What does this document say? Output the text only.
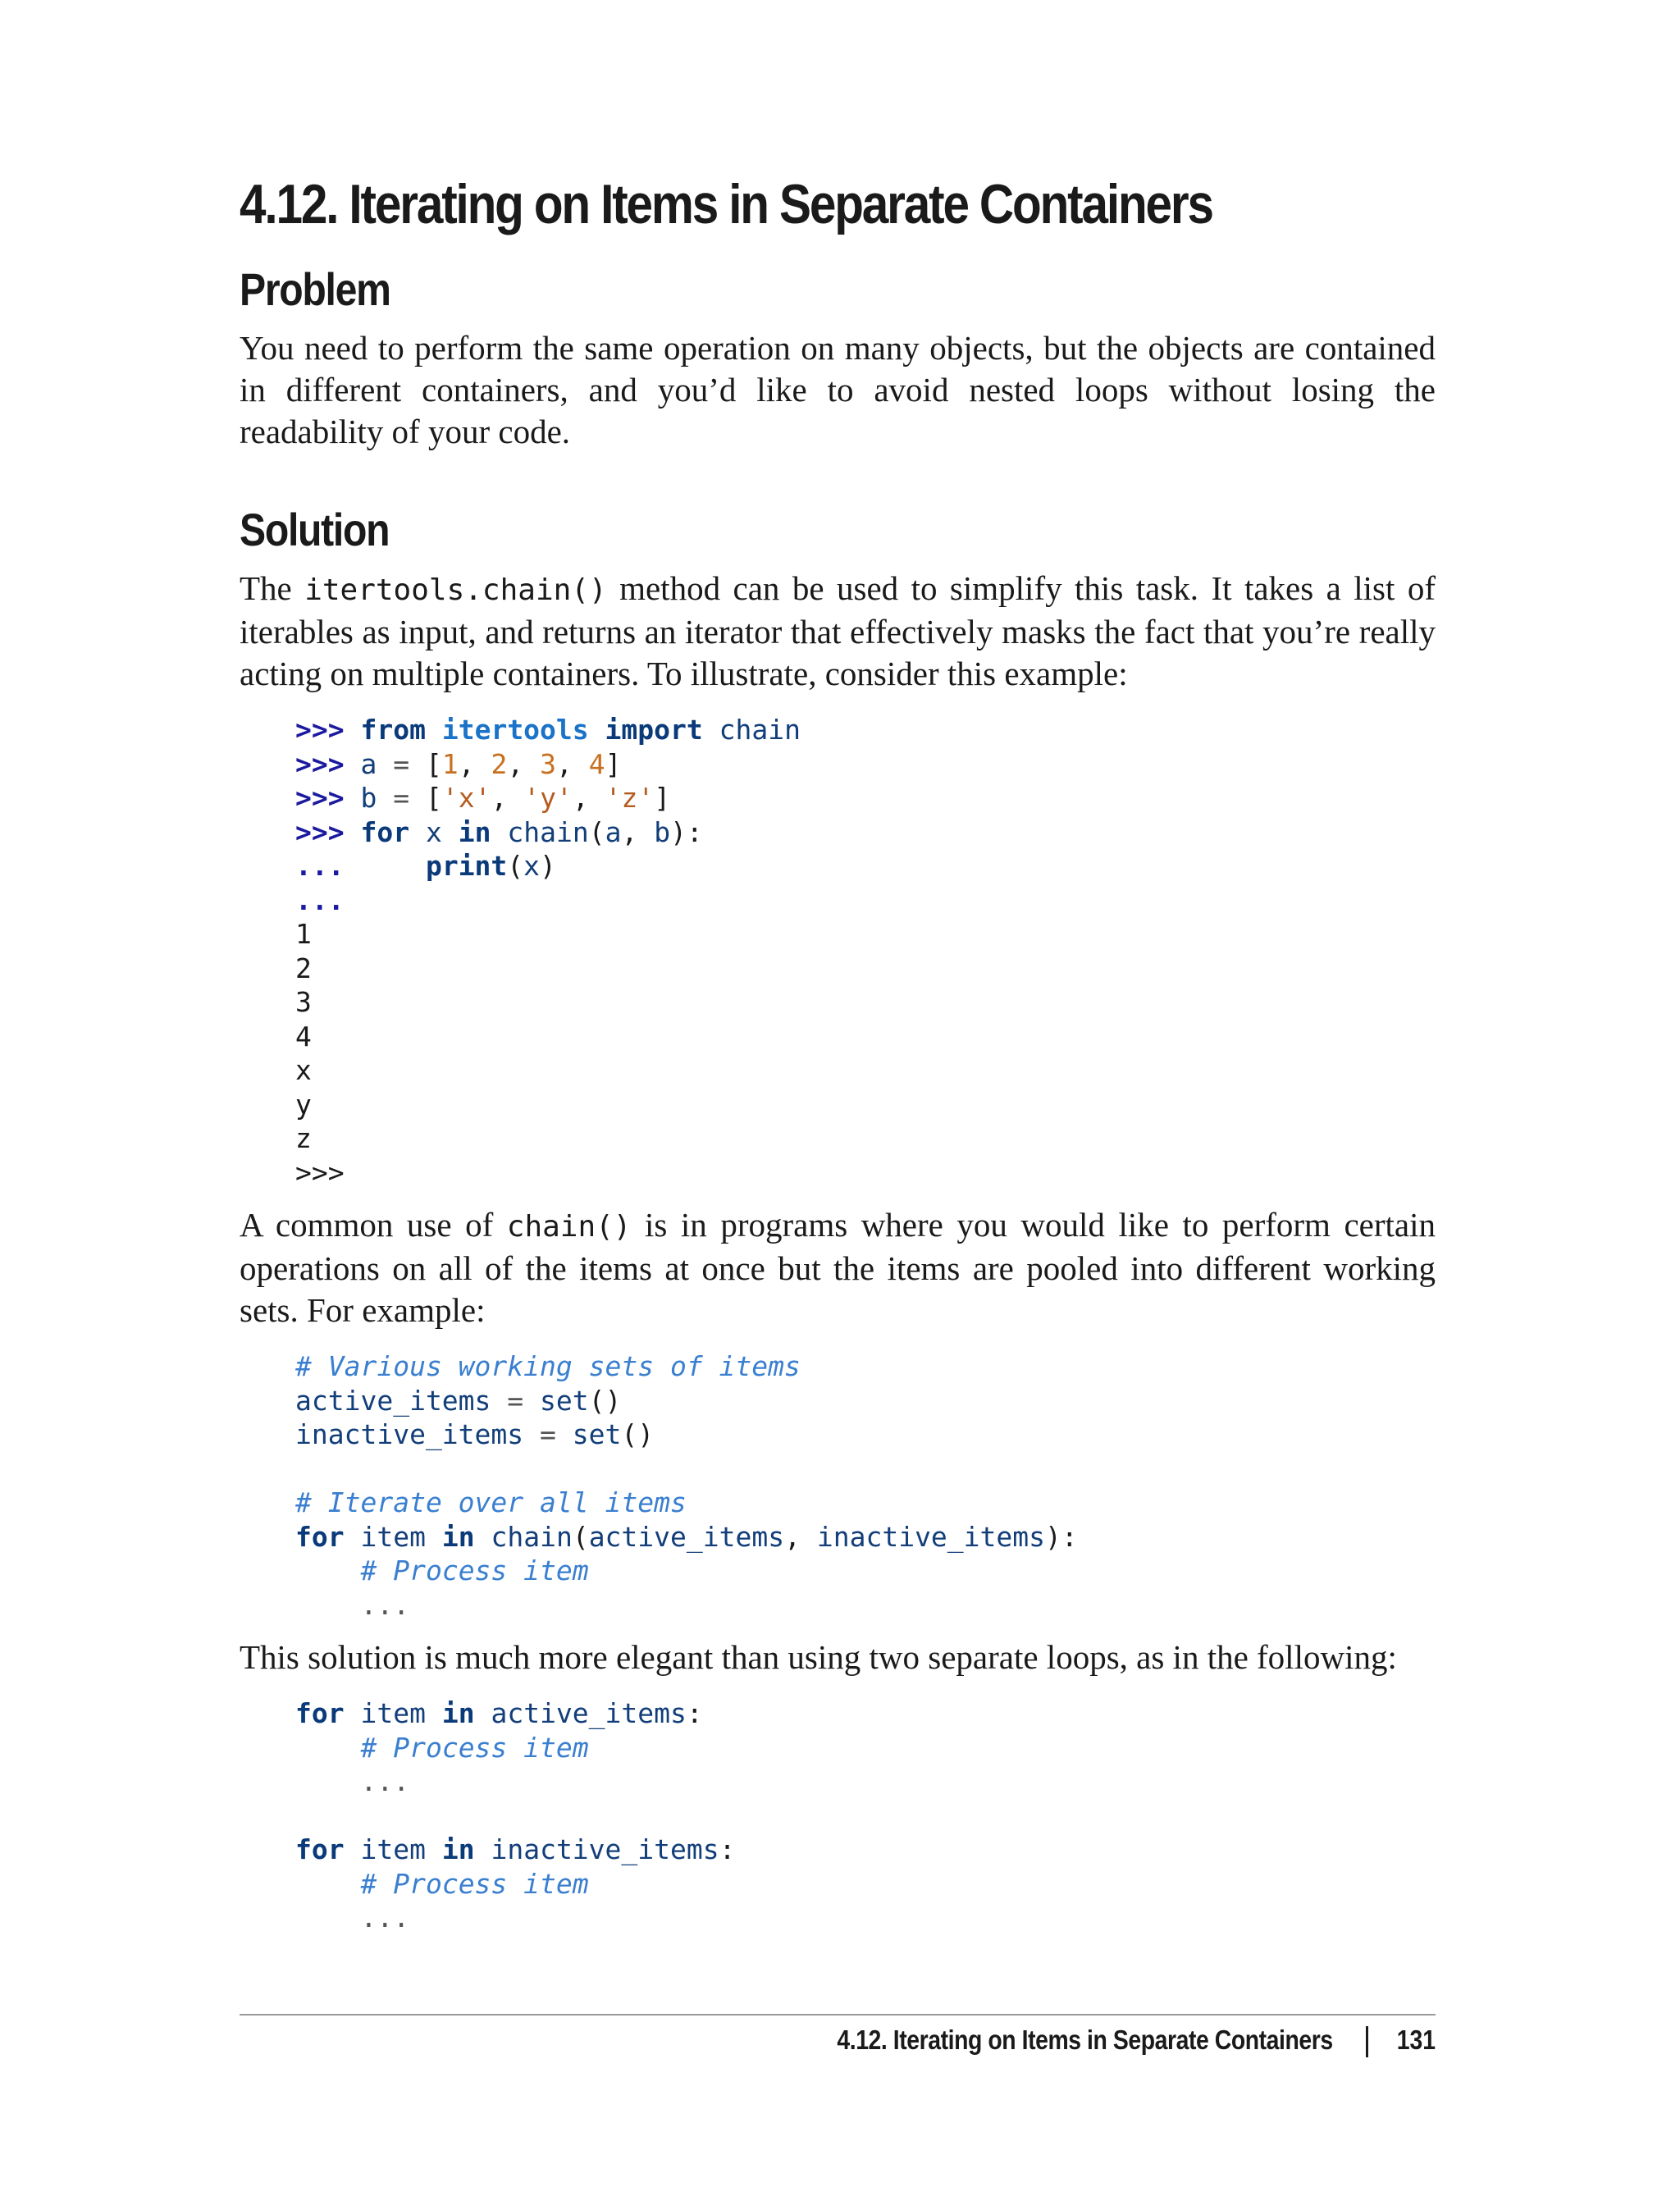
4.12. Iterating on Items in Separate Containers
Problem

You need to perform the same operation on many objects, but the objects are contained in different containers, and you’d like to avoid nested loops without losing the readability of your code.

Solution

The itertools.chain() method can be used to simplify this task. It takes a list of iterables as input, and returns an iterator that effectively masks the fact that you’re really acting on multiple containers. To illustrate, consider this example:

>>> from itertools import chain
>>> a = [1, 2, 3, 4]
>>> b = ['x', 'y', 'z']
>>> for x in chain(a, b):
...	print(x)
...
1
2
3
4
x
y
z
>>>

A common use of chain() is in programs where you would like to perform certain operations on all of the items at once but the items are pooled into different working sets. For example:

# Various working sets of items
active_items = set()
inactive_items = set()

# Iterate over all items
for item in chain(active_items, inactive_items):
# Process item
...

This solution is much more elegant than using two separate loops, as in the following:

for item in active_items:
# Process item
...

for item in inactive_items:
# Process item
...
4.12. Iterating on Items in Separate Containers 131
